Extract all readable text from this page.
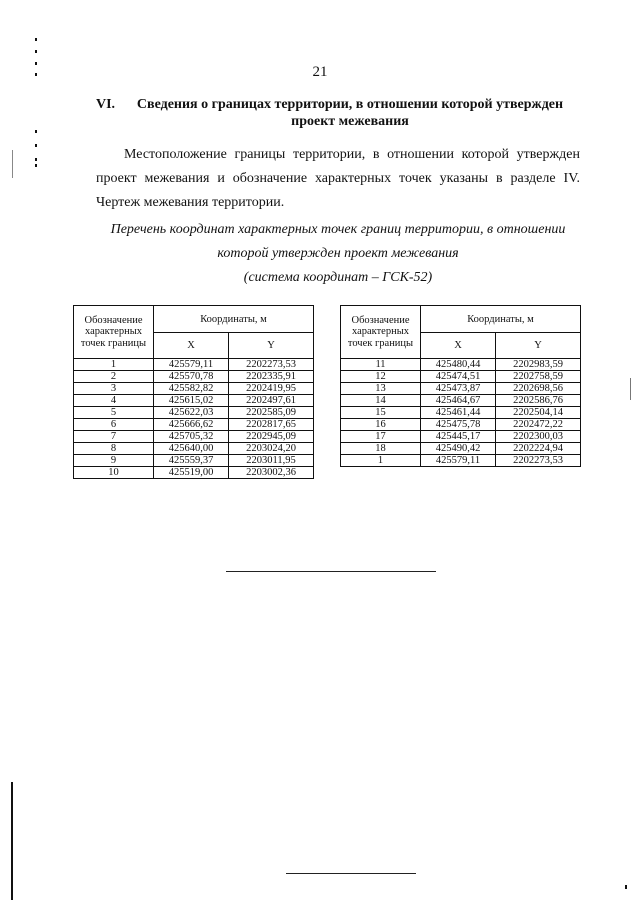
21
VI.	Сведения о границах территории, в отношении которой утвержден проект межевания
Местоположение границы территории, в отношении которой утвержден проект межевания и обозначение характерных точек указаны в разделе IV. Чертеж межевания территории.
Перечень координат характерных точек границ территории, в отношении
которой утвержден проект межевания
(система координат – ГСК-52)
Обозначение характерных точек границы	Координаты, м	
	X	Y
1	425579,11	2202273,53
2	425570,78	2202335,91
3	425582,82	2202419,95
4	425615,02	2202497,61
5	425622,03	2202585,09
6	425666,62	2202817,65
7	425705,32	2202945,09
8	425640,00	2203024,20
9	425559,37	2203011,95
10	425519,00	2203002,36
Обозначение характерных точек границы	Координаты, м	
	X	Y
11	425480,44	2202983,59
12	425474,51	2202758,59
13	425473,87	2202698,56
14	425464,67	2202586,76
15	425461,44	2202504,14
16	425475,78	2202472,22
17	425445,17	2202300,03
18	425490,42	2202224,94
1	425579,11	2202273,53
